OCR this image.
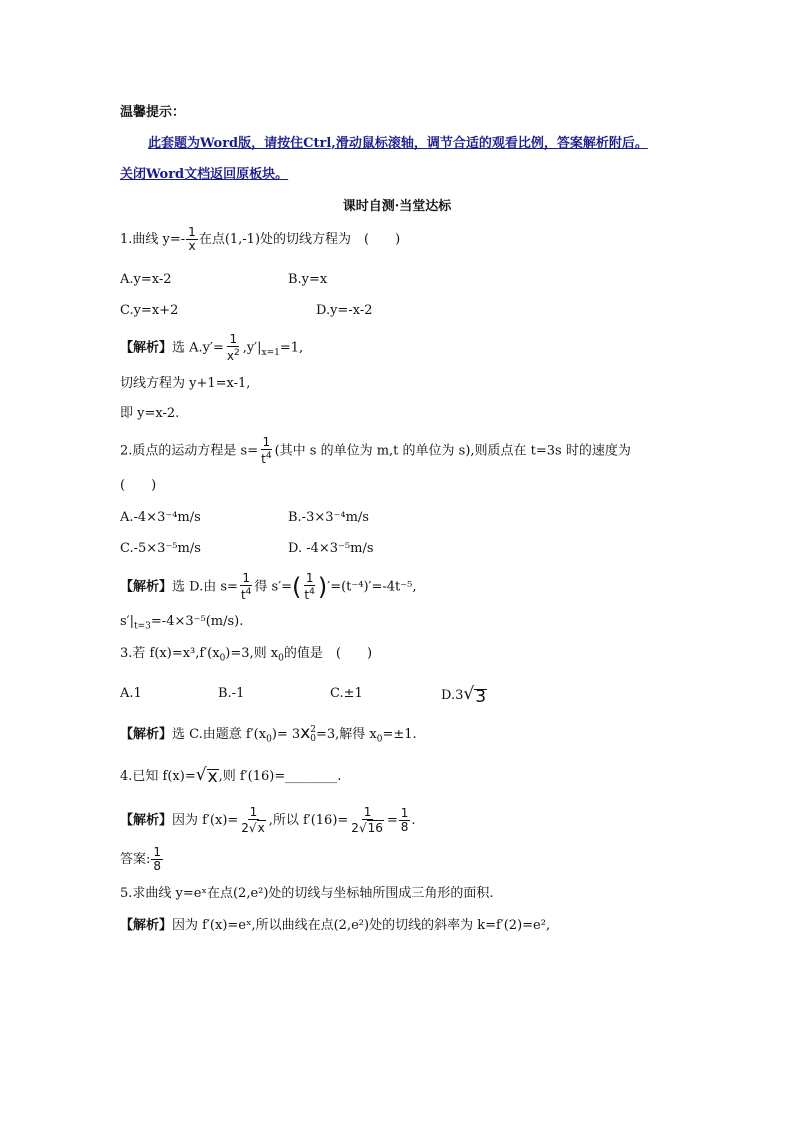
温馨提示：
此套题为Word版，请按住Ctrl,滑动鼠标滚轴，调节合适的观看比例，答案解析附后。
关闭Word文档返回原板块。
课时自测·当堂达标
1.曲线 $y=- \frac{1}{x}$ 在点(1,-1)处的切线方程为　(　　)
A.y=x-2	B.y=x
C.y=x+2	D.y=-x-2
【解析】选 $A.y'= \frac{1}{x^2} ,y'|_{x=1}=1$,
切线方程为 y+1=x-1,
即 y=x-2.
2.质点的运动方程是 $s= \frac{1}{t^4}$ (其中 s 的单位为 m,t 的单位为 s),则质点在 t=3s 时的速度为
(　　)
A.-4×3⁻⁴m/s	B.-3×3⁻⁴m/s
C.-5×3⁻⁵m/s	D. -4×3⁻⁵m/s
【解析】选 D.由 $s= \frac{1}{t^4}$ 得 $s'=( \frac{1}{t^4} )'=(t^{-4})'=-4t^{-5}$,
$s'|_{t=3}=-4\times 3^{-5}(m/s)$.
3.若 $f(x)=x^3,f'(x_0)=3$,则 $x_0$的值是　(　　)
A.1	B.-1	C.±1	D.3 √ 3
【解析】选 C.由题意 $f'(x_0)= 3x$ 2
0 =3,解得 $x_0=\pm 1$.
4.已知 f(x)= √ x ,则 f′(16)=________.
【解析】因为 $f'(x)= \frac{1}{2 √ x}$ ,所以 $f'(16)= \frac{1}{2 √ 16} = \frac{1}{8}$ .
答案: $\frac{1}{8}$
5.求曲线 y=eˣ在点(2,e²)处的切线与坐标轴所围成三角形的面积.
【解析】因为 f′(x)=eˣ,所以曲线在点(2,e²)处的切线的斜率为 k=f′(2)=e²,
